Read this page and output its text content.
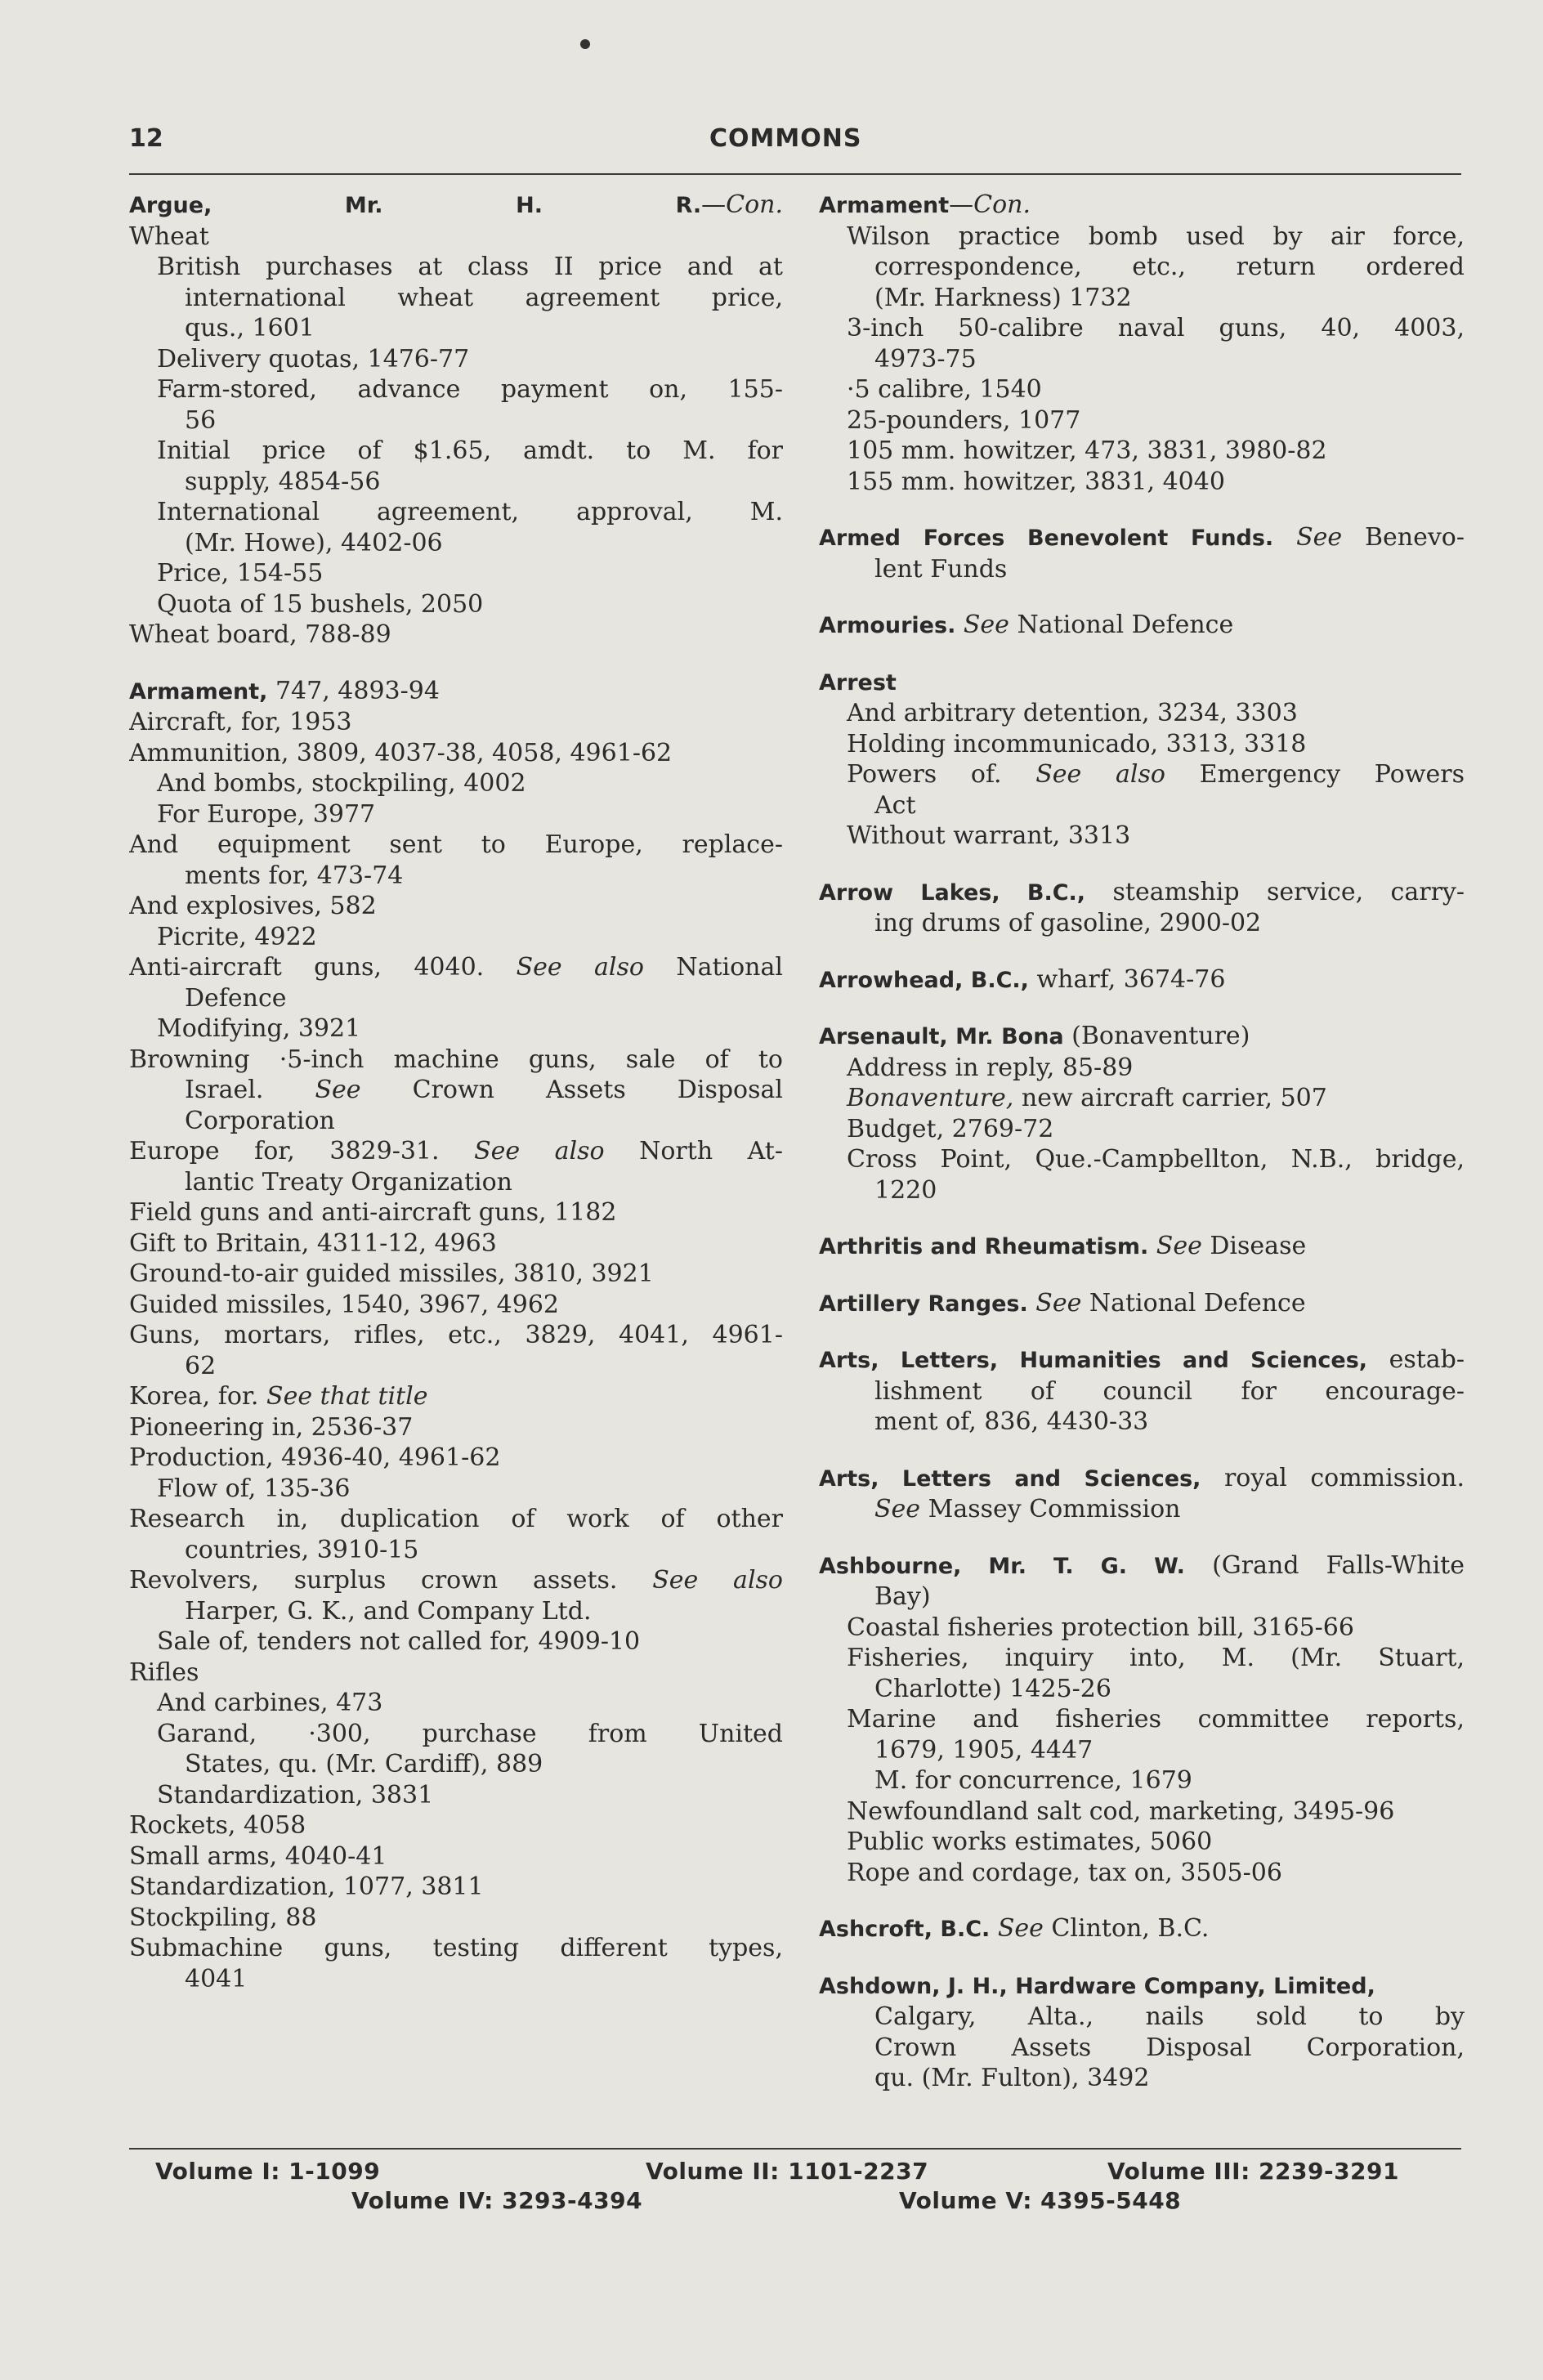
12	COMMONS
Argue, Mr. H. R.—Con.
Wheat
British purchases at class II price and at
international wheat agreement price,
qus., 1601
Delivery quotas, 1476-77
Farm-stored, advance payment on, 155-
56
Initial price of $1.65, amdt. to M. for
supply, 4854-56
International agreement, approval, M.
(Mr. Howe), 4402-06
Price, 154-55
Quota of 15 bushels, 2050
Wheat board, 788-89
Armament, 747, 4893-94
Aircraft, for, 1953
Ammunition, 3809, 4037-38, 4058, 4961-62
And bombs, stockpiling, 4002
For Europe, 3977
And equipment sent to Europe, replace-
ments for, 473-74
And explosives, 582
Picrite, 4922
Anti-aircraft guns, 4040. See also National
Defence
Modifying, 3921
Browning ·5-inch machine guns, sale of to
Israel. See Crown Assets Disposal
Corporation
Europe for, 3829-31. See also North At-
lantic Treaty Organization
Field guns and anti-aircraft guns, 1182
Gift to Britain, 4311-12, 4963
Ground-to-air guided missiles, 3810, 3921
Guided missiles, 1540, 3967, 4962
Guns, mortars, rifles, etc., 3829, 4041, 4961-
62
Korea, for. See that title
Pioneering in, 2536-37
Production, 4936-40, 4961-62
Flow of, 135-36
Research in, duplication of work of other
countries, 3910-15
Revolvers, surplus crown assets. See also
Harper, G. K., and Company Ltd.
Sale of, tenders not called for, 4909-10
Rifles
And carbines, 473
Garand, ·300, purchase from United
States, qu. (Mr. Cardiff), 889
Standardization, 3831
Rockets, 4058
Small arms, 4040-41
Standardization, 1077, 3811
Stockpiling, 88
Submachine guns, testing different types,
4041
Armament—Con.
Wilson practice bomb used by air force,
correspondence, etc., return ordered
(Mr. Harkness) 1732
3-inch 50-calibre naval guns, 40, 4003,
4973-75
·5 calibre, 1540
25-pounders, 1077
105 mm. howitzer, 473, 3831, 3980-82
155 mm. howitzer, 3831, 4040
Armed Forces Benevolent Funds. See Benevo-
lent Funds
Armouries. See National Defence
Arrest
And arbitrary detention, 3234, 3303
Holding incommunicado, 3313, 3318
Powers of. See also Emergency Powers
Act
Without warrant, 3313
Arrow Lakes, B.C., steamship service, carry-
ing drums of gasoline, 2900-02
Arrowhead, B.C., wharf, 3674-76
Arsenault, Mr. Bona (Bonaventure)
Address in reply, 85-89
Bonaventure, new aircraft carrier, 507
Budget, 2769-72
Cross Point, Que.-Campbellton, N.B., bridge,
1220
Arthritis and Rheumatism. See Disease
Artillery Ranges. See National Defence
Arts, Letters, Humanities and Sciences, estab-
lishment of council for encourage-
ment of, 836, 4430-33
Arts, Letters and Sciences, royal commission.
See Massey Commission
Ashbourne, Mr. T. G. W. (Grand Falls-White
Bay)
Coastal fisheries protection bill, 3165-66
Fisheries, inquiry into, M. (Mr. Stuart,
Charlotte) 1425-26
Marine and fisheries committee reports,
1679, 1905, 4447
M. for concurrence, 1679
Newfoundland salt cod, marketing, 3495-96
Public works estimates, 5060
Rope and cordage, tax on, 3505-06
Ashcroft, B.C. See Clinton, B.C.
Ashdown, J. H., Hardware Company, Limited,
Calgary, Alta., nails sold to by
Crown Assets Disposal Corporation,
qu. (Mr. Fulton), 3492
Volume I: 1-1099	Volume II: 1101-2237	Volume III: 2239-3291
Volume IV: 3293-4394	Volume V: 4395-5448
